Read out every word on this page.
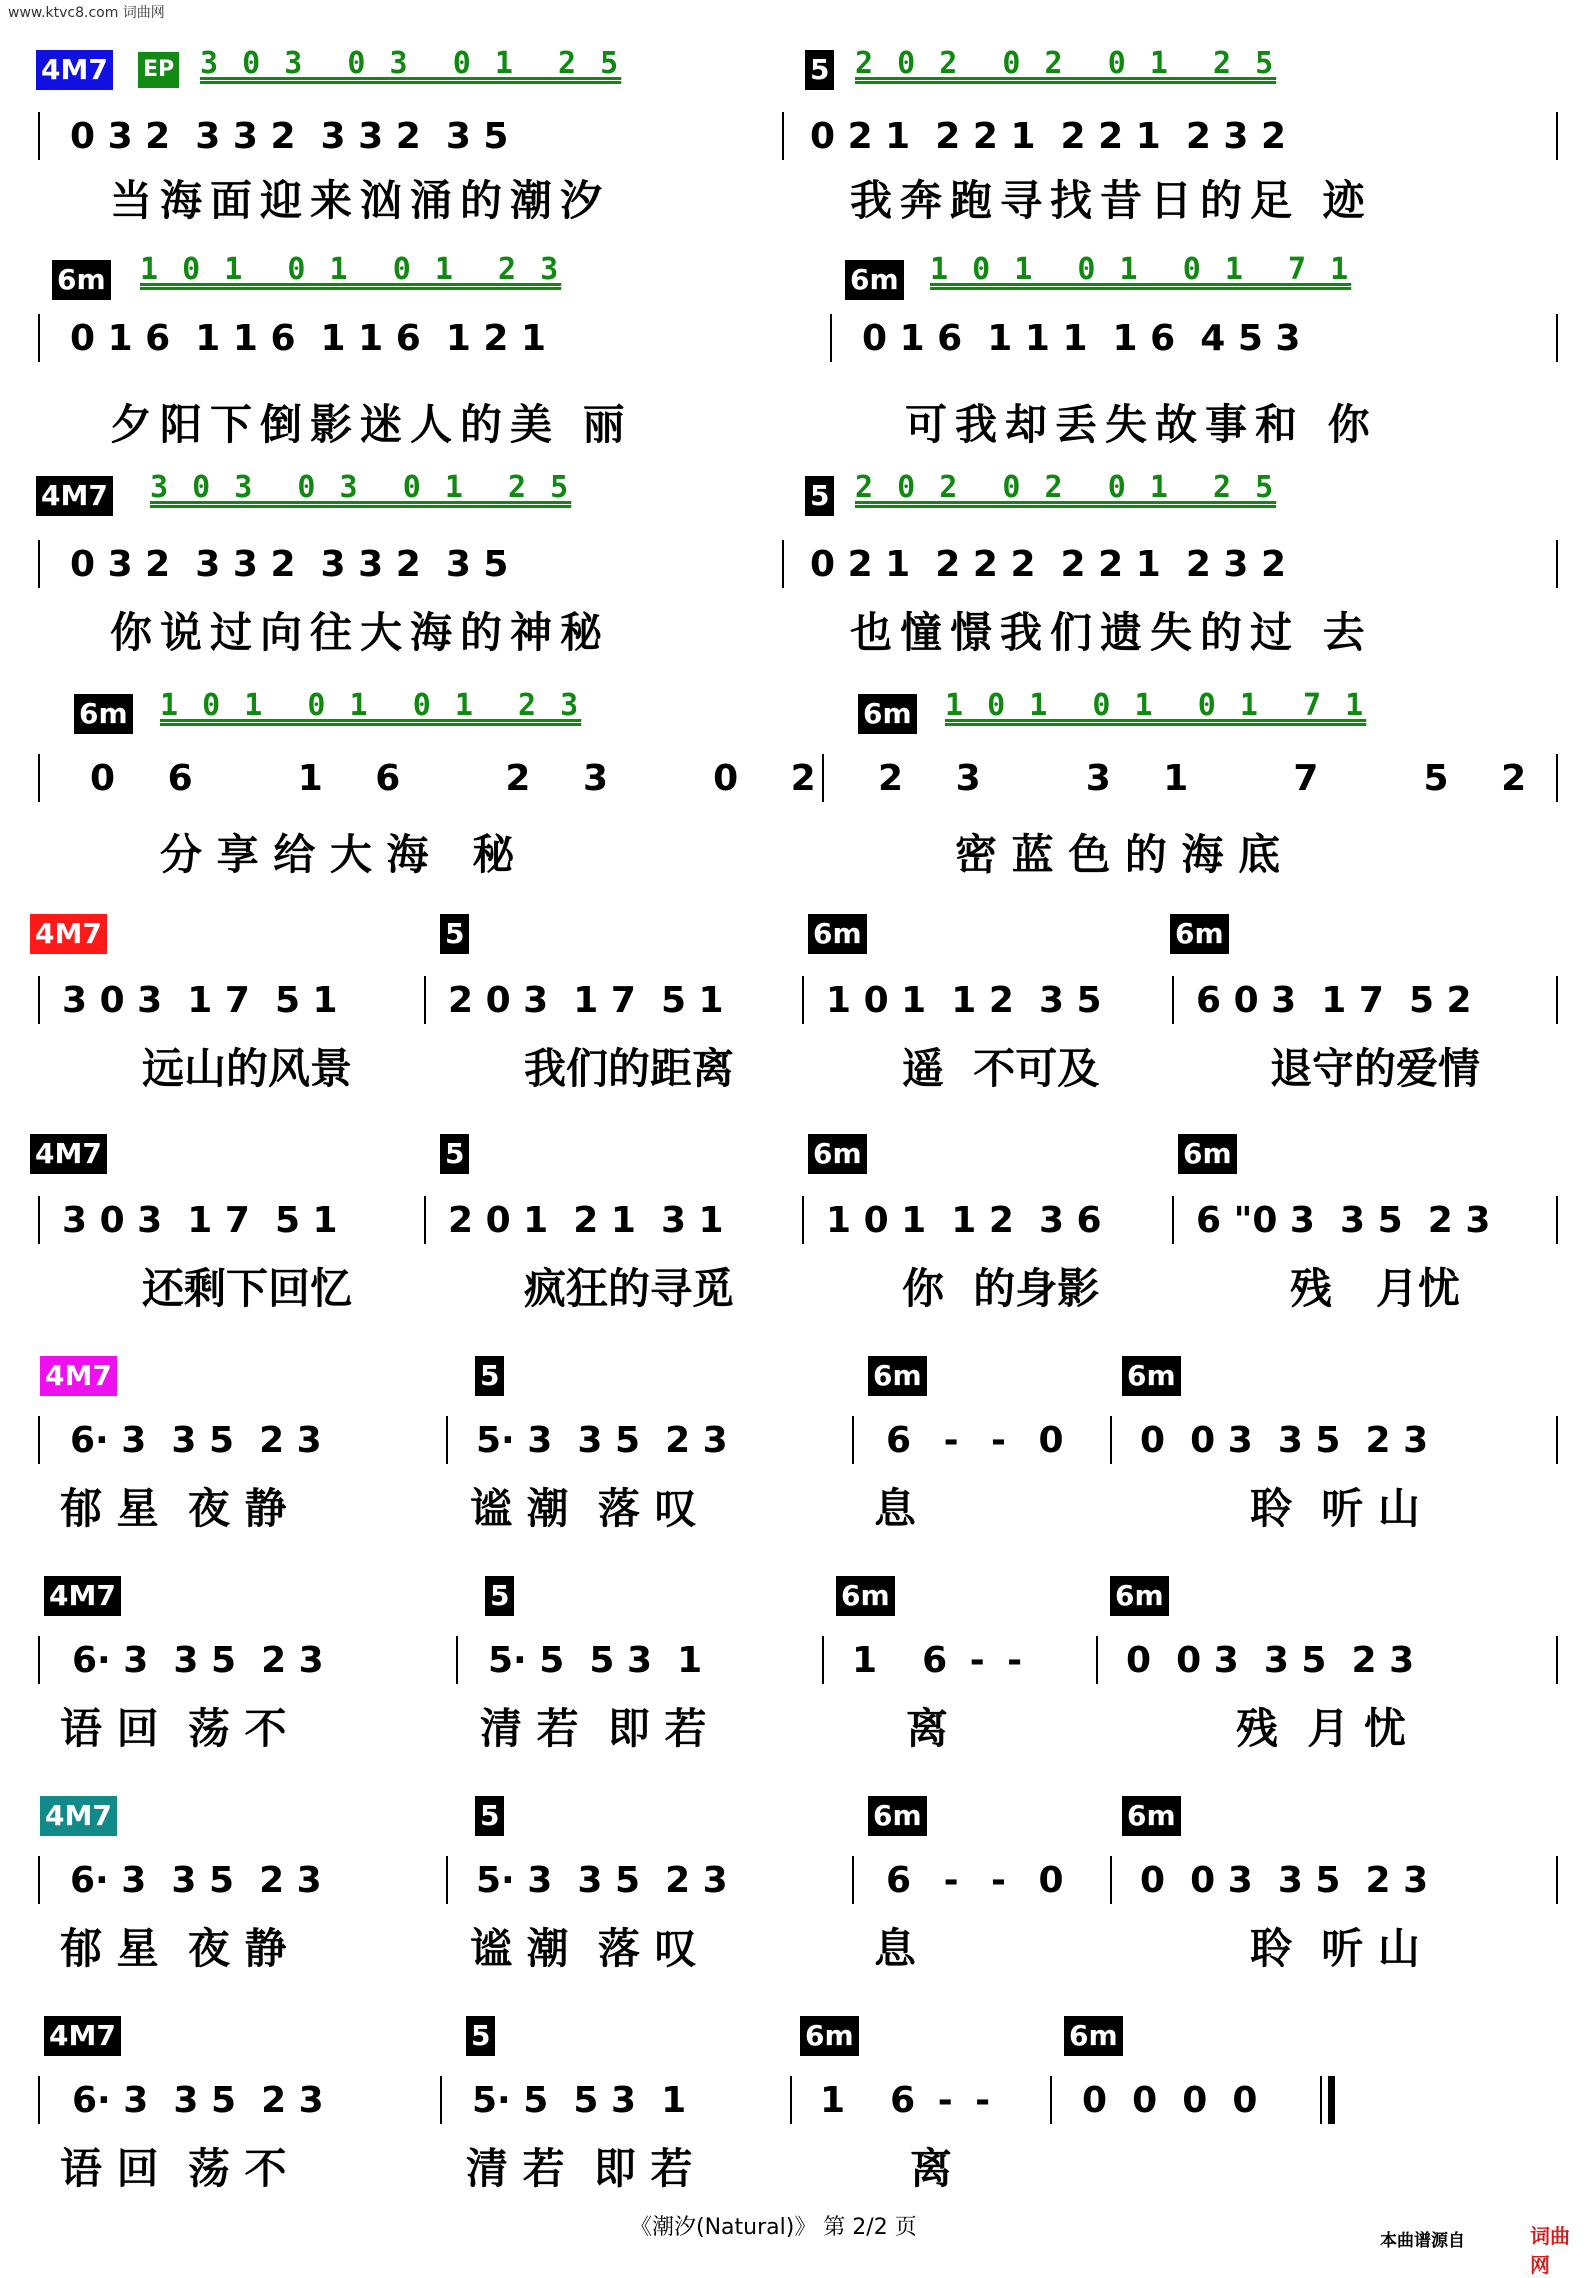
www.ktvc8.com 词曲网
4M7 EP 3 0 3  0 3  0 1  2 5	5 2 0 2  0 2  0 1  2 5
0 3 2  3 3 2  3 3 2  3 5	0 2 1  2 2 1  2 2 1  2 3 2
当海面迎来汹涌的潮汐	我奔跑寻找昔日的足 迹
6m 1 0 1  0 1  0 1  2 3	6m 1 0 1  0 1  0 1  7 1
0 1 6  1 1 6  1 1 6  1 2 1	0 1 6  1 1 1  1 6  4 5 3
夕阳下倒影迷人的美 丽	可我却丢失故事和 你
4M7 3 0 3  0 3  0 1  2 5	5 2 0 2  0 2  0 1  2 5
0 3 2  3 3 2  3 3 2  3 5	0 2 1  2 2 2  2 2 1  2 3 2
你说过向往大海的神秘	也憧憬我们遗失的过 去
6m 1 0 1  0 1  0 1  2 3	6m 1 0 1  0 1  0 1  7 1
0 6  1 6  2 3  0 2 2 3  3 1  7  5 2
分 享 给 大 海   秘	密 蓝 色 的 海 底
4M7	5	6m	6m
3 0 3  1 7  5 1	2 0 3  1 7  5 1	1 0 1  1 2  3 5	6 0 3  1 7  5 2
远山的风景	我们的距离	遥  不可及	退守的爱情
4M7	5	6m	6m
3 0 3  1 7  5 1	2 0 1  2 1  3 1	1 0 1  1 2  3 6	6 "0 3  3 5  2 3
还剩下回忆	疯狂的寻觅	你  的身影	残   月忧
4M7	5	6m	6m
6· 3  3 5  2 3	5· 3  3 5  2 3	6 - - 0 0  0 3  3 5  2 3
郁 星  夜 静	谧 潮  落 叹	息	聆  听 山
4M7	5	6m	6m
6· 3  3 5  2 3	5· 5  5 3  1	1  6 - -	0  0 3  3 5  2 3
语 回  荡 不	清 若  即 若	离	残  月 忧
4M7	5	6m	6m
6· 3  3 5  2 3	5· 3  3 5  2 3	6 - - 0 0  0 3  3 5  2 3
郁 星  夜 静	谧 潮  落 叹	息	聆  听 山
4M7	5	6m	6m
6· 3  3 5  2 3	5· 5  5 3  1	1  6 - -	0  0  0  0
语 回  荡 不	清 若  即 若	离
《潮汐(Natural)》 第 2/2 页
本曲谱源自	词曲网
